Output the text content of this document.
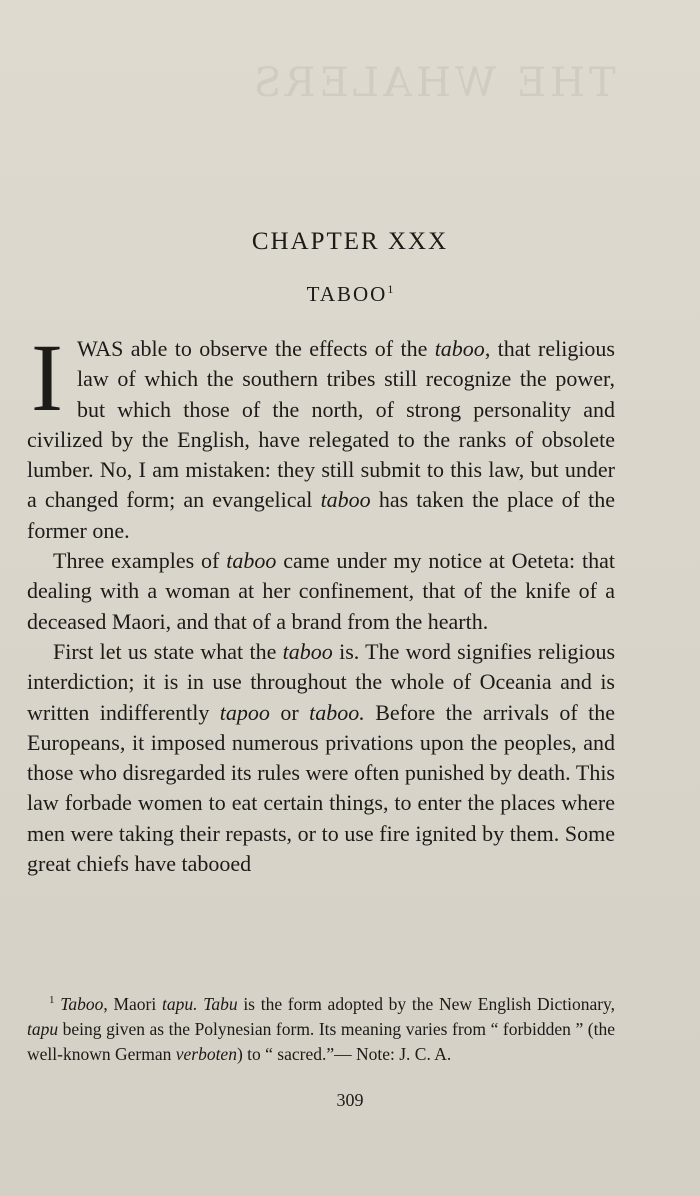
THE WHALERS
CHAPTER XXX
TABOO$^1$

I WAS able to observe the effects of the taboo, that religious law of which the southern tribes still recognize the power, but which those of the north, of strong personality and civilized by the English, have relegated to the ranks of obsolete lumber. No, I am mistaken: they still submit to this law, but under a changed form; an evangelical taboo has taken the place of the former one.

Three examples of taboo came under my notice at Oeteta: that dealing with a woman at her confinement, that of the knife of a deceased Maori, and that of a brand from the hearth.

First let us state what the taboo is. The word signifies religious interdiction; it is in use throughout the whole of Oceania and is written indifferently tapoo or taboo. Before the arrivals of the Europeans, it imposed numerous privations upon the peoples, and those who disregarded its rules were often punished by death. This law forbade women to eat certain things, to enter the places where men were taking their repasts, or to use fire ignited by them. Some great chiefs have tabooed

$^1$ Taboo, Maori tapu. Tabu is the form adopted by the New English Dictionary, tapu being given as the Polynesian form. Its meaning varies from “ forbidden ” (the well-known German verboten) to “ sacred.”— Note: J. C. A.

309
